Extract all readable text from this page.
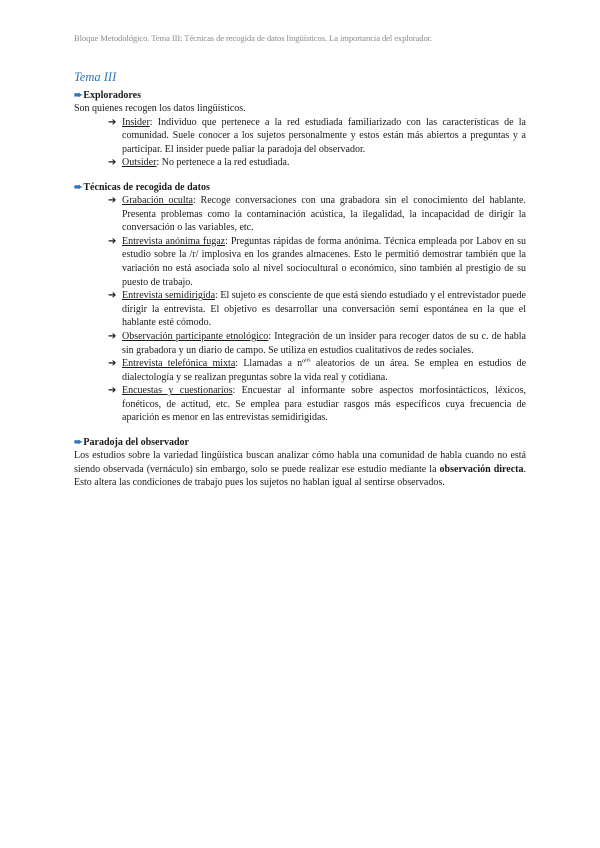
Bloque Metodológico. Tema III: Técnicas de recogida de datos lingüísticos. La importancia del explorador.
Tema III
➨ Exploradores

Son quienes recogen los datos lingüísticos.

➔ Insider: Individuo que pertenece a la red estudiada familiarizado con las características de la comunidad. Suele conocer a los sujetos personalmente y estos están más abiertos a preguntas y a participar. El insider puede paliar la paradoja del observador.
➔ Outsider: No pertenece a la red estudiada.
➨ Técnicas de recogida de datos
➔ Grabación oculta: Recoge conversaciones con una grabadora sin el conocimiento del hablante. Presenta problemas como la contaminación acústica, la ilegalidad, la incapacidad de dirigir la conversación o las variables, etc.
➔ Entrevista anónima fugaz: Preguntas rápidas de forma anónima. Técnica empleada por Labov en su estudio sobre la /r/ implosiva en los grandes almacenes. Esto le permitió demostrar también que la variación no está asociada solo al nivel sociocultural o económico, sino también al prestigio de su puesto de trabajo.
➔ Entrevista semidirigida: El sujeto es consciente de que está siendo estudiado y el entrevistador puede dirigir la entrevista. El objetivo es desarrollar una conversación semi espontánea en la que el hablante esté cómodo.
➔ Observación participante etnológico: Integración de un insider para recoger datos de su c. de habla sin grabadora y un diario de campo. Se utiliza en estudios cualitativos de redes sociales.
➔ Entrevista telefónica mixta: Llamadas a nº$^{os}$ aleatorios de un área. Se emplea en estudios de dialectología y se realizan preguntas sobre la vida real y cotidiana.
➔ Encuestas y cuestionarios: Encuestar al informante sobre aspectos morfosintácticos, léxicos, fonéticos, de actitud, etc. Se emplea para estudiar rasgos más específicos cuya frecuencia de aparición es menor en las entrevistas semidirigidas.
➨ Paradoja del observador

Los estudios sobre la variedad lingüística buscan analizar cómo habla una comunidad de habla cuando no está siendo observada (vernáculo) sin embargo, solo se puede realizar ese estudio mediante la observación directa. Esto altera las condiciones de trabajo pues los sujetos no hablan igual al sentirse observados.
